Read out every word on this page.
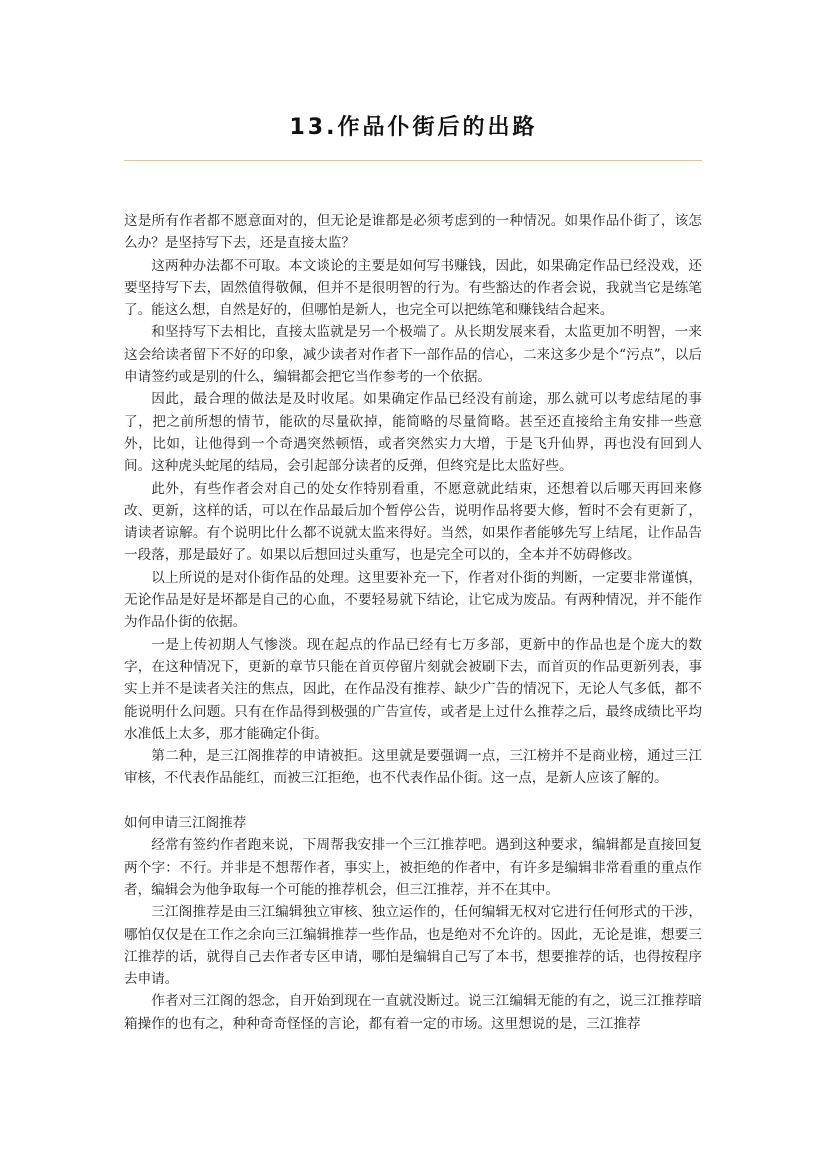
13.作品仆街后的出路

这是所有作者都不愿意面对的，但无论是谁都是必须考虑到的一种情况。如果作品仆街了，该怎么办？是坚持写下去，还是直接太监？

这两种办法都不可取。本文谈论的主要是如何写书赚钱，因此，如果确定作品已经没戏，还要坚持写下去，固然值得敬佩，但并不是很明智的行为。有些豁达的作者会说，我就当它是练笔了。能这么想，自然是好的，但哪怕是新人，也完全可以把练笔和赚钱结合起来。

和坚持写下去相比，直接太监就是另一个极端了。从长期发展来看，太监更加不明智，一来这会给读者留下不好的印象，减少读者对作者下一部作品的信心，二来这多少是个“污点”，以后申请签约或是别的什么，编辑都会把它当作参考的一个依据。

因此，最合理的做法是及时收尾。如果确定作品已经没有前途，那么就可以考虑结尾的事了，把之前所想的情节，能砍的尽量砍掉，能简略的尽量简略。甚至还直接给主角安排一些意外，比如，让他得到一个奇遇突然顿悟，或者突然实力大增，于是飞升仙界，再也没有回到人间。这种虎头蛇尾的结局，会引起部分读者的反弹，但终究是比太监好些。

此外，有些作者会对自己的处女作特别看重，不愿意就此结束，还想着以后哪天再回来修改、更新，这样的话，可以在作品最后加个暂停公告，说明作品将要大修，暂时不会有更新了，请读者谅解。有个说明比什么都不说就太监来得好。当然，如果作者能够先写上结尾，让作品告一段落，那是最好了。如果以后想回过头重写，也是完全可以的，全本并不妨碍修改。

以上所说的是对仆街作品的处理。这里要补充一下，作者对仆街的判断，一定要非常谨慎，无论作品是好是坏都是自己的心血，不要轻易就下结论，让它成为废品。有两种情况，并不能作为作品仆街的依据。

一是上传初期人气惨淡。现在起点的作品已经有七万多部，更新中的作品也是个庞大的数字，在这种情况下，更新的章节只能在首页停留片刻就会被刷下去，而首页的作品更新列表，事实上并不是读者关注的焦点，因此，在作品没有推荐、缺少广告的情况下，无论人气多低，都不能说明什么问题。只有在作品得到极强的广告宣传，或者是上过什么推荐之后，最终成绩比平均水准低上太多，那才能确定仆街。

第二种，是三江阁推荐的申请被拒。这里就是要强调一点，三江榜并不是商业榜，通过三江审核，不代表作品能红，而被三江拒绝，也不代表作品仆街。这一点，是新人应该了解的。

如何申请三江阁推荐

经常有签约作者跑来说，下周帮我安排一个三江推荐吧。遇到这种要求，编辑都是直接回复两个字：不行。并非是不想帮作者，事实上，被拒绝的作者中，有许多是编辑非常看重的重点作者，编辑会为他争取每一个可能的推荐机会，但三江推荐，并不在其中。

三江阁推荐是由三江编辑独立审核、独立运作的，任何编辑无权对它进行任何形式的干涉，哪怕仅仅是在工作之余向三江编辑推荐一些作品，也是绝对不允许的。因此，无论是谁，想要三江推荐的话，就得自己去作者专区申请，哪怕是编辑自己写了本书，想要推荐的话，也得按程序去申请。

作者对三江阁的怨念，自开始到现在一直就没断过。说三江编辑无能的有之，说三江推荐暗箱操作的也有之，种种奇奇怪怪的言论，都有着一定的市场。这里想说的是，三江推荐
